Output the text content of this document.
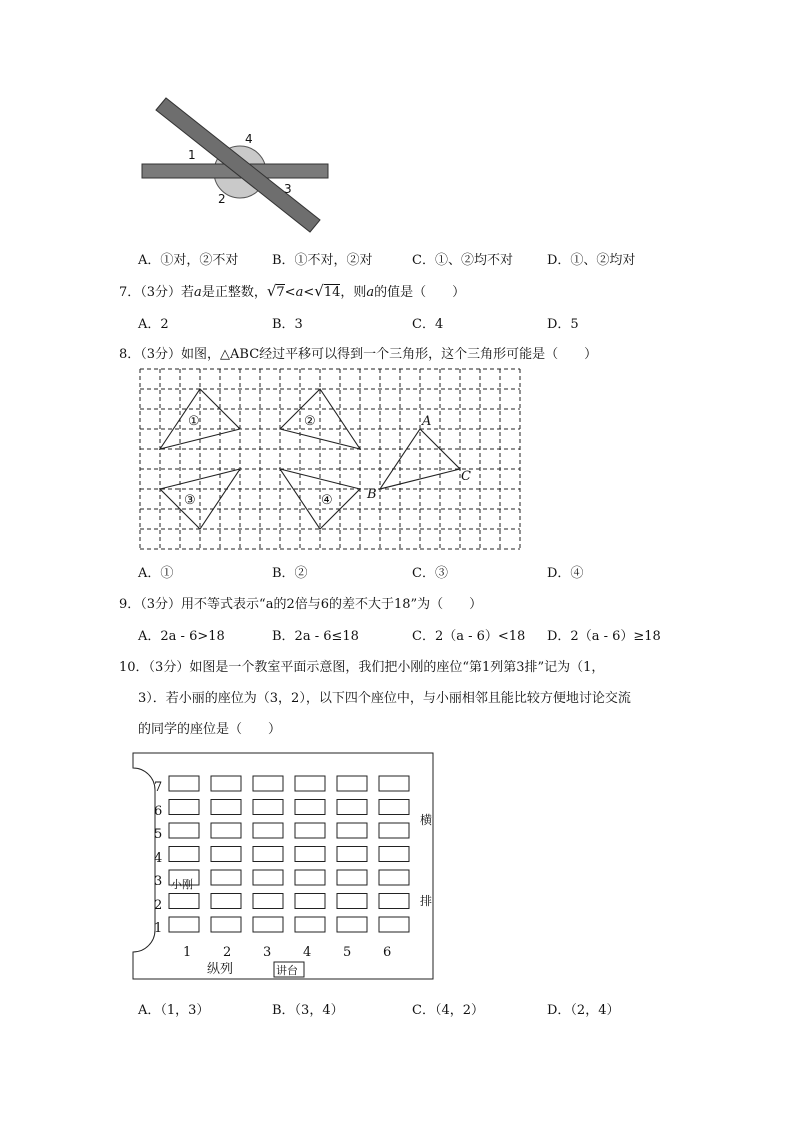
1
4
2
3
A．①对，②不对	B．①不对，②对	C．①、②均不对	D．①、②均对
7．（3分）若a是正整数，√7<a<√14，则a的值是（　　）
A．2	B．3	C．4	D．5
8．（3分）如图，△ABC经过平移可以得到一个三角形，这个三角形可能是（　　）
①	②
③	④
A
B
C
A．①	B．②	C．③	D．④
9．（3分）用不等式表示“a的2倍与6的差不大于18”为（　　）
A．2a - 6>18	B．2a - 6≤18	C．2（a - 6）<18 D．2（a - 6）≥18
10．（3分）如图是一个教室平面示意图，我们把小刚的座位“第1列第3排”记为（1，
3）．若小丽的座位为（3，2），以下四个座位中，与小丽相邻且能比较方便地讨论交流
的同学的座位是（　　）
7
6
5
4
3
2
1
1 2 3 4 5 6
小刚
纵列	讲台
横
排
A．（1，3）	B．（3，4）	C．（4，2）	D．（2，4）
